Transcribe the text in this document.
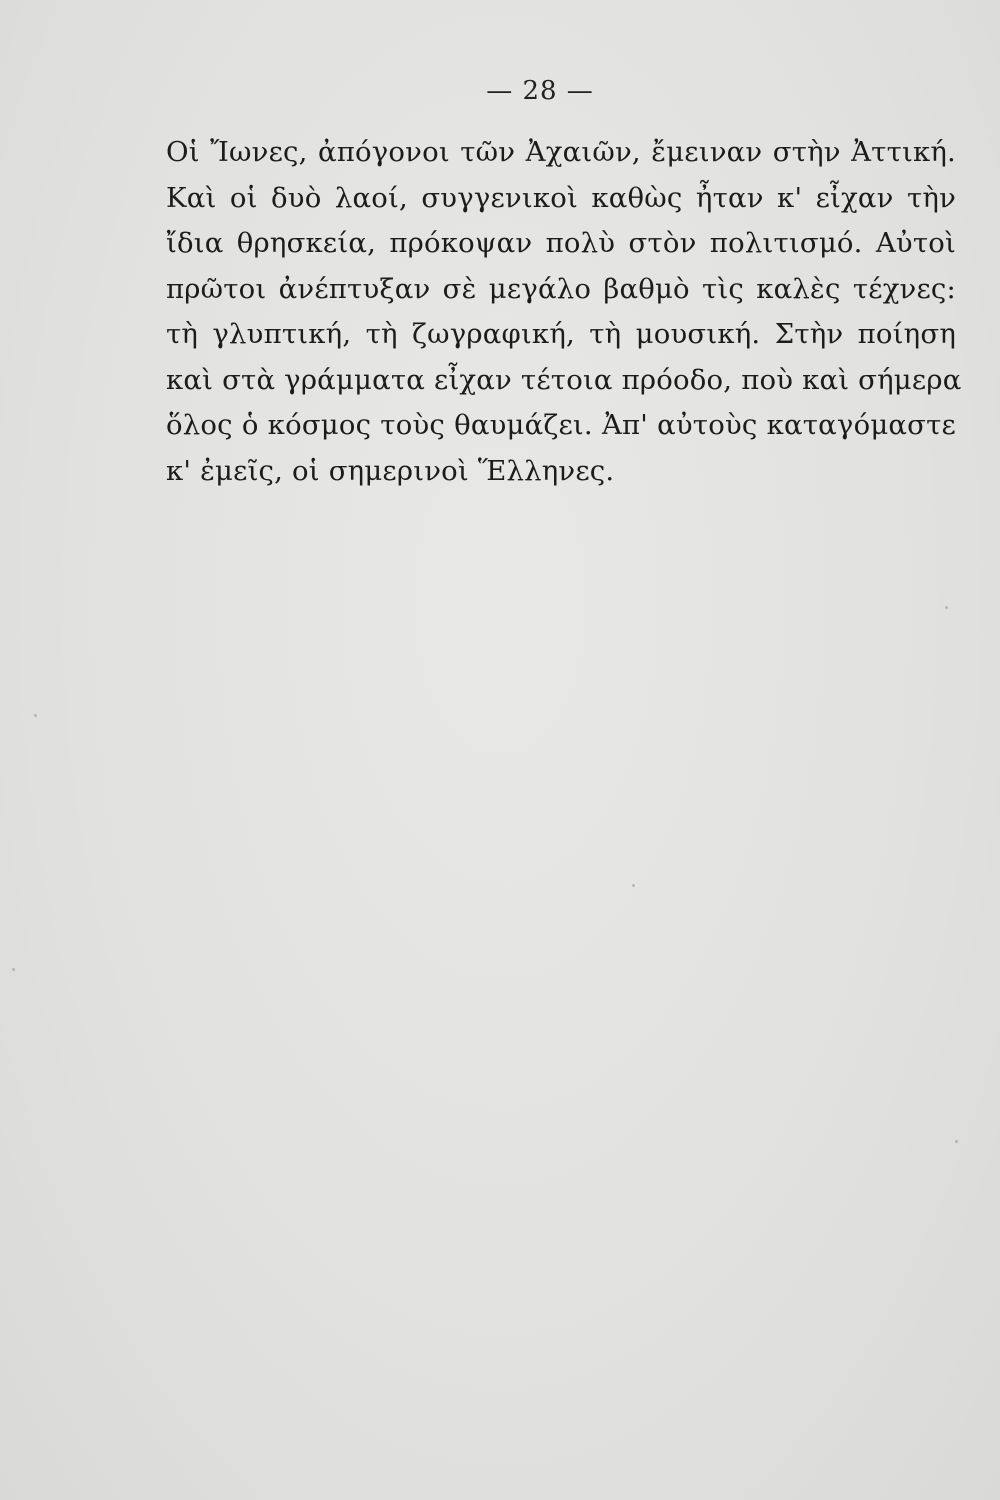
— 28 —
Οἱ Ἴωνες, ἀπόγονοι τῶν Ἀχαιῶν, ἔμειναν στὴν Ἀττική.
Καὶ οἱ δυὸ λαοί, συγγενικοὶ καθὼς ἦταν κ' εἶχαν τὴν
ἴδια θρησκεία, πρόκοψαν πολὺ στὸν πολιτισμό. Αὐτοὶ
πρῶτοι ἀνέπτυξαν σὲ μεγάλο βαθμὸ τὶς καλὲς τέχνες:
τὴ γλυπτική, τὴ ζωγραφική, τὴ μουσική. Στὴν ποίηση
καὶ στὰ γράμματα εἶχαν τέτοια πρόοδο, ποὺ καὶ σήμερα
ὅλος ὁ κόσμος τοὺς θαυμάζει. Ἀπ' αὐτοὺς καταγόμαστε
κ' ἐμεῖς, οἱ σημερινοὶ Ἕλληνες.
